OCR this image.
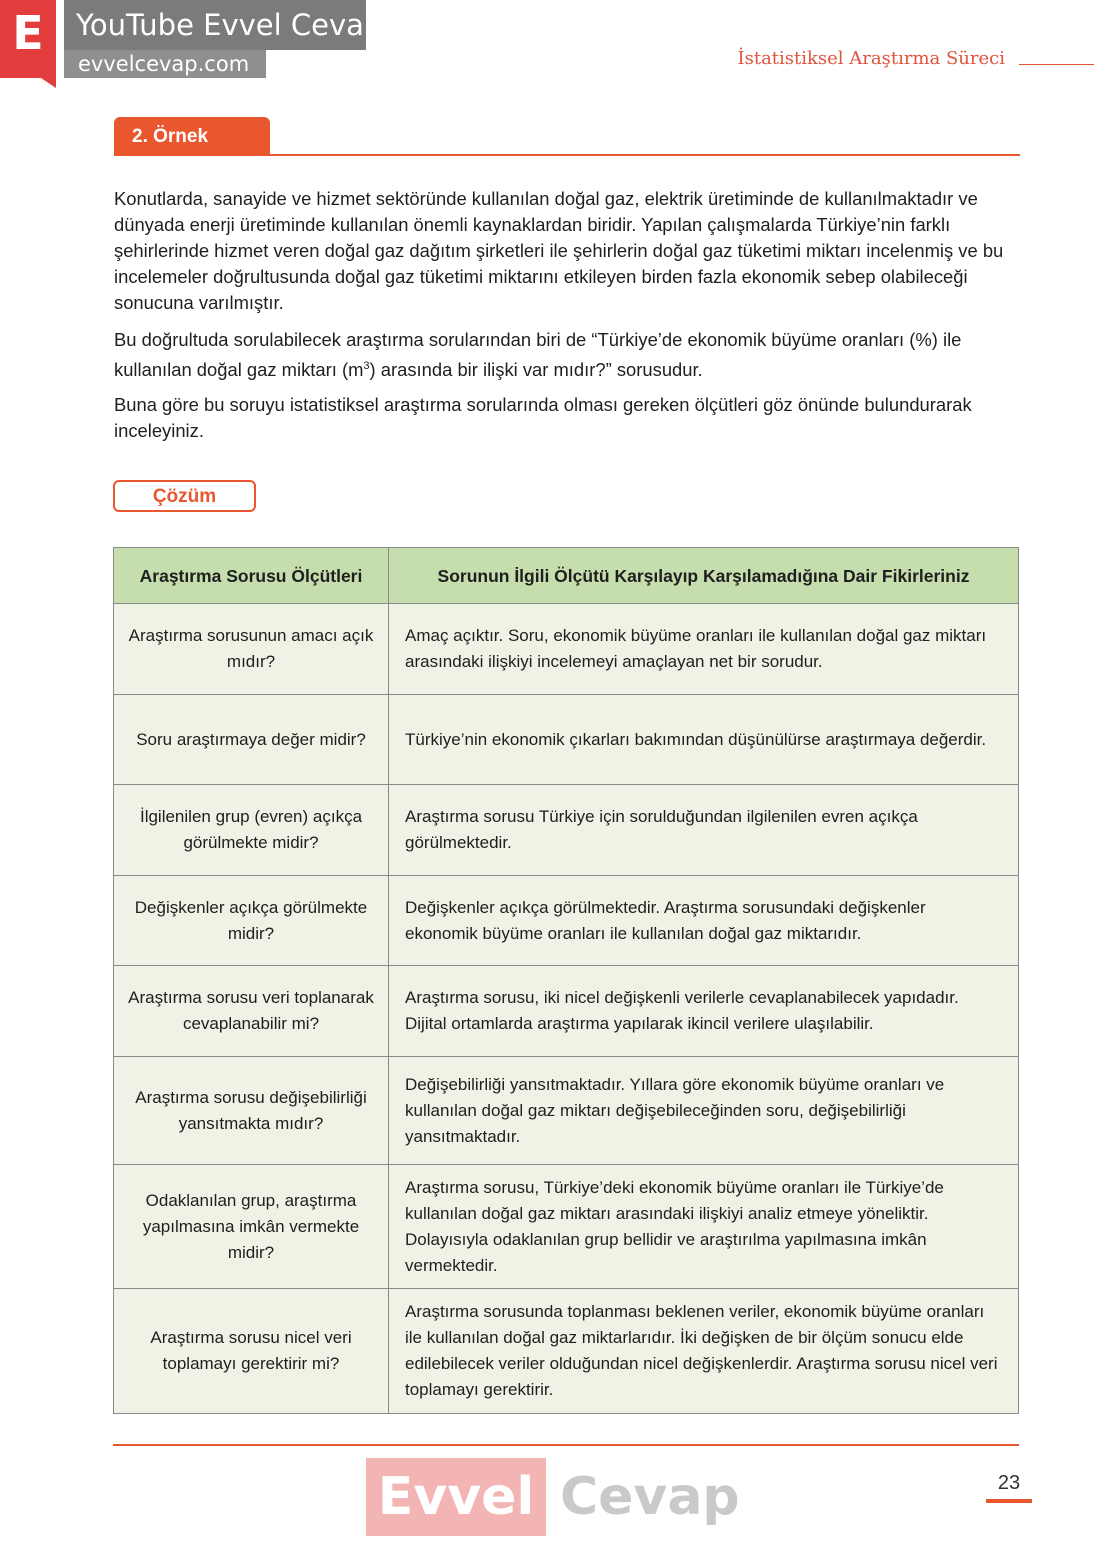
E	YouTube Evvel Cevap
evvelcevap.com	İstatistiksel Araştırma Süreci
2. Örnek

Konutlarda, sanayide ve hizmet sektöründe kullanılan doğal gaz, elektrik üretiminde de kullanılmaktadır ve dünyada enerji üretiminde kullanılan önemli kaynaklardan biridir. Yapılan çalışmalarda Türkiye’nin farklı şehirlerinde hizmet veren doğal gaz dağıtım şirketleri ile şehirlerin doğal gaz tüketimi miktarı incelenmiş ve bu incelemeler doğrultusunda doğal gaz tüketimi miktarını etkileyen birden fazla ekonomik sebep olabileceği sonucuna varılmıştır.

Bu doğrultuda sorulabilecek araştırma sorularından biri de “Türkiye’de ekonomik büyüme oranları (%) ile kullanılan doğal gaz miktarı $(m^3)$ arasında bir ilişki var mıdır?” sorusudur.

Buna göre bu soruyu istatistiksel araştırma sorularında olması gereken ölçütleri göz önünde bulundurarak inceleyiniz.

Çözüm
Araştırma Sorusu Ölçütleri	Sorunun İlgili Ölçütü Karşılayıp Karşılamadığına Dair Fikirleriniz
Araştırma sorusunun amacı açık mıdır?	Amaç açıktır. Soru, ekonomik büyüme oranları ile kullanılan doğal gaz miktarı arasındaki ilişkiyi incelemeyi amaçlayan net bir sorudur.
Soru araştırmaya değer midir?	Türkiye’nin ekonomik çıkarları bakımından düşünülürse araştırmaya değerdir.
İlgilenilen grup (evren) açıkça görülmekte midir?	Araştırma sorusu Türkiye için sorulduğundan ilgilenilen evren açıkça görülmektedir.
Değişkenler açıkça görülmekte midir?	Değişkenler açıkça görülmektedir. Araştırma sorusundaki değişkenler ekonomik büyüme oranları ile kullanılan doğal gaz miktarıdır.
Araştırma sorusu veri toplanarak cevaplanabilir mi?	Araştırma sorusu, iki nicel değişkenli verilerle cevaplanabilecek yapıdadır. Dijital ortamlarda araştırma yapılarak ikincil verilere ulaşılabilir.
Araştırma sorusu değişebilirliği yansıtmakta mıdır?	Değişebilirliği yansıtmaktadır. Yıllara göre ekonomik büyüme oranları ve kullanılan doğal gaz miktarı değişebileceğinden soru, değişebilirliği yansıtmaktadır.
Odaklanılan grup, araştırma yapılmasına imkân vermekte midir?	Araştırma sorusu, Türkiye’deki ekonomik büyüme oranları ile Türkiye’de kullanılan doğal gaz miktarı arasındaki ilişkiyi analiz etmeye yöneliktir. Dolayısıyla odaklanılan grup bellidir ve araştırılma yapılmasına imkân vermektedir.
Araştırma sorusu nicel veri toplamayı gerektirir mi?	Araştırma sorusunda toplanması beklenen veriler, ekonomik büyüme oranları ile kullanılan doğal gaz miktarlarıdır. İki değişken de bir ölçüm sonucu elde edilebilecek veriler olduğundan nicel değişkenlerdir. Araştırma sorusu nicel veri toplamayı gerektirir.
Evvel Cevap	23
